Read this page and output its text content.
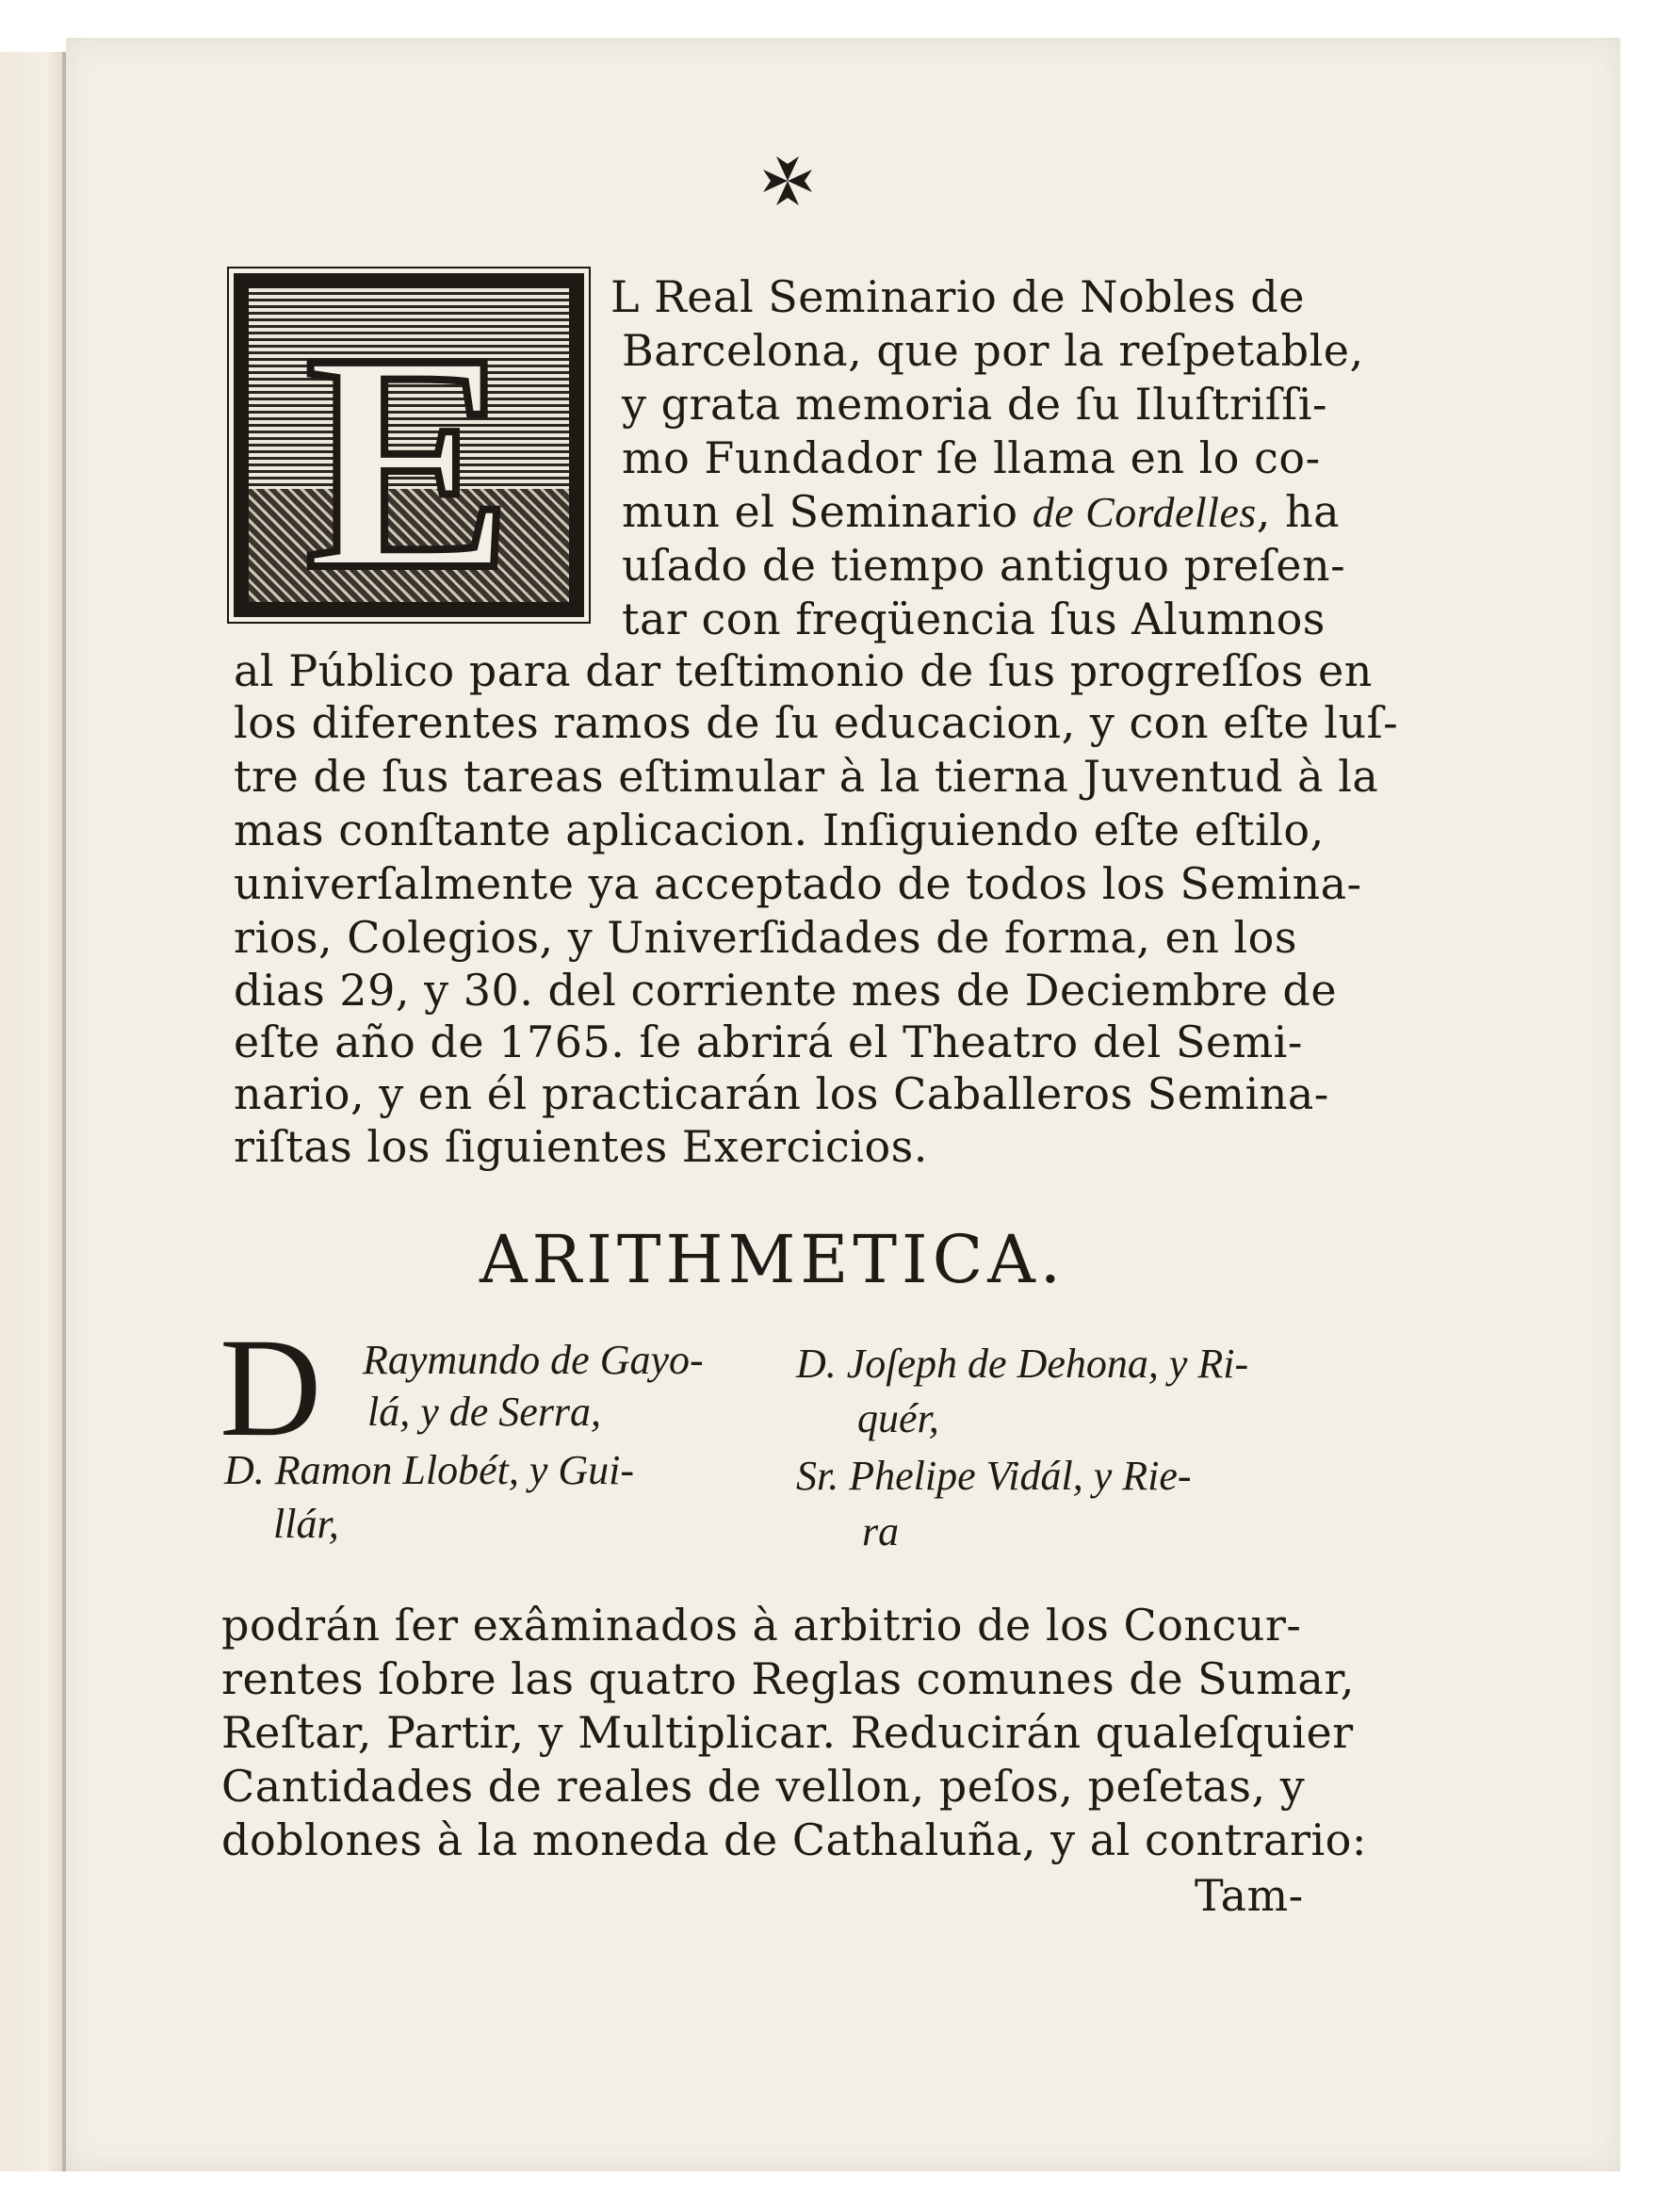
E L Real Seminario de Nobles de
Barcelona, que por la reſpetable,
y grata memoria de ſu Iluſtriſſi-
mo Fundador ſe llama en lo co-
mun el Seminario de Cordelles, ha
uſado de tiempo antiguo preſen-
tar con freqüencia ſus Alumnos
al Público para dar teſtimonio de ſus progreſſos en
los diferentes ramos de ſu educacion, y con eſte luſ-
tre de ſus tareas eſtimular à la tierna Juventud à la
mas conſtante aplicacion. Inſiguiendo eſte eſtilo,
univerſalmente ya acceptado de todos los Semina-
rios, Colegios, y Univerſidades de forma, en los
dias 29, y 30. del corriente mes de Deciembre de
eſte año de 1765. ſe abrirá el Theatro del Semi-
nario, y en él practicarán los Caballeros Semina-
riſtas los ſiguientes Exercicios.
ARITHMETICA.
D Raymundo de Gayo-
lá, y de Serra,
D. Ramon Llobét, y Gui-
llár,
D. Joſeph de Dehona, y Ri-
quér,
Sr. Phelipe Vidál, y Rie-
ra
podrán ſer exâminados à arbitrio de los Concur-
rentes ſobre las quatro Reglas comunes de Sumar,
Reſtar, Partir, y Multiplicar. Reducirán qualeſquier
Cantidades de reales de vellon, peſos, peſetas, y
doblones à la moneda de Cathaluña, y al contrario:
Tam-
